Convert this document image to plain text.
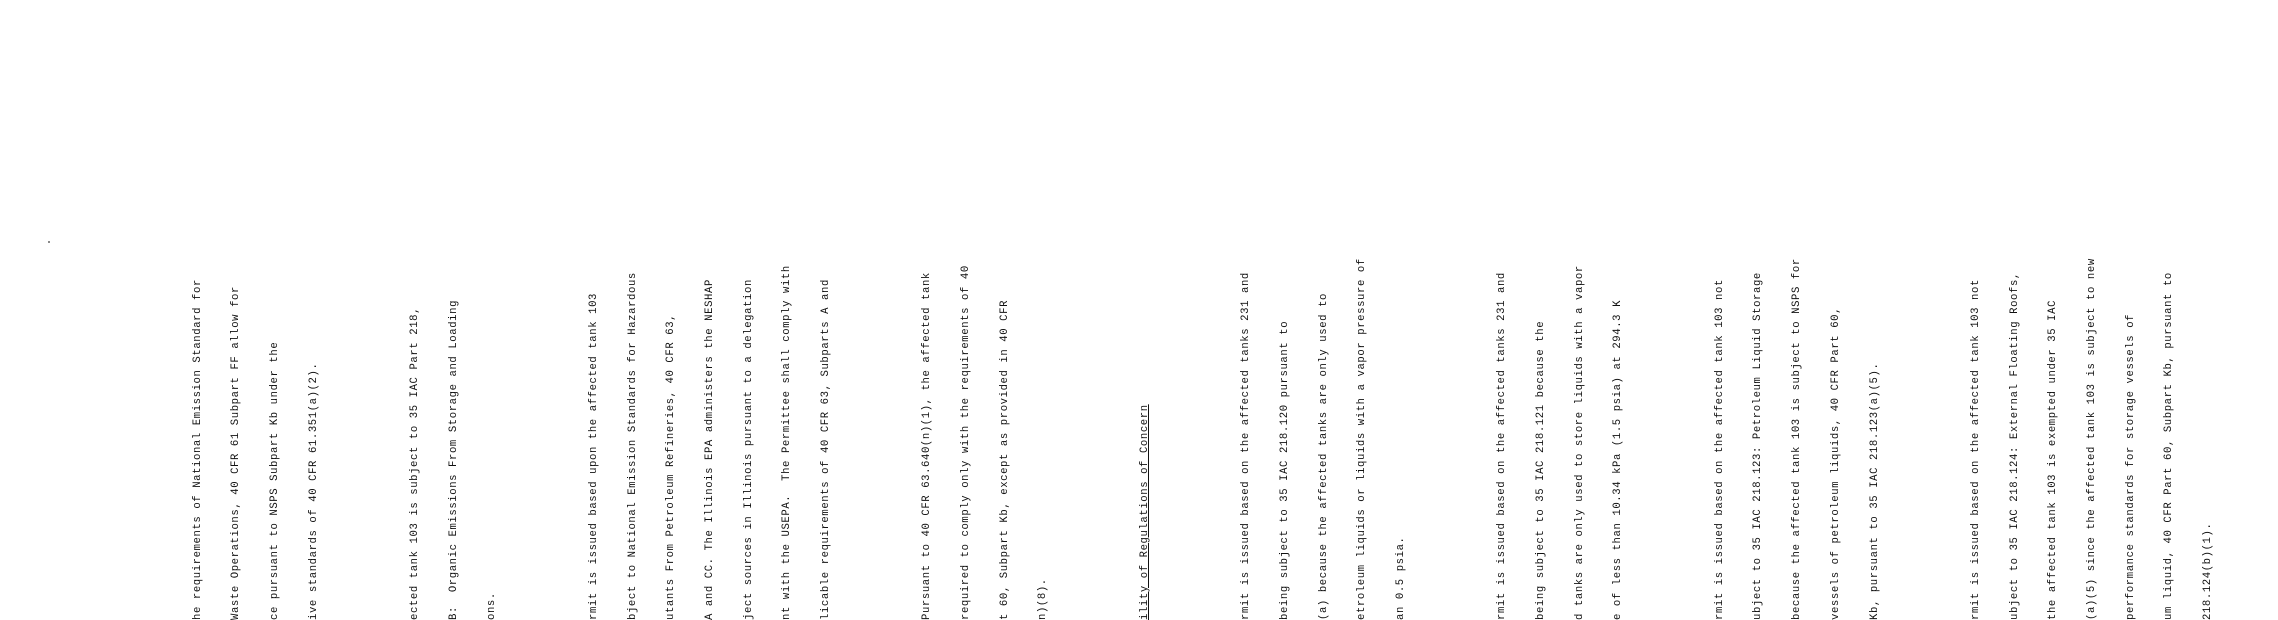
he requirements of National Emission Standard for

	Waste Operations, 40 CFR 61 Subpart FF allow for

	ce pursuant to NSPS Subpart Kb under the

	ive standards of 40 CFR 61.351(a)(2).

	ected tank 103 is subject to 35 IAC Part 218,

	B:  Organic Emissions From Storage and Loading

	ons.

	rmit is issued based upon the affected tank 103

	bject to National Emission Standards for Hazardous

	utants From Petroleum Refineries, 40 CFR 63,

	A and CC. The Illinois EPA administers the NESHAP

	ject sources in Illinois pursuant to a delegation

	nt with the USEPA.  The Permittee shall comply with

	licable requirements of 40 CFR 63, Subparts A and

	Pursuant to 40 CFR 63.640(n)(1), the affected tank

	required to comply only with the requirements of 40

	t 60, Subpart Kb, except as provided in 40 CFR

	n)(8).

	ility of Regulations of Concern

	rmit is issued based on the affected tanks 231 and

	being subject to 35 IAC 218.120 pursuant to

	(a) because the affected tanks are only used to

	etroleum liquids or liquids with a vapor pressure of

	an 0.5 psia.

	rmit is issued based on the affected tanks 231 and

	being subject to 35 IAC 218.121 because the

	d tanks are only used to store liquids with a vapor

	e of less than 10.34 kPa (1.5 psia) at 294.3 K

	rmit is issued based on the affected tank 103 not

	ubject to 35 IAC 218.123: Petroleum Liquid Storage

	because the affected tank 103 is subject to NSPS for

	vessels of petroleum liquids, 40 CFR Part 60,

	Kb, pursuant to 35 IAC 218.123(a)(5).

	rmit is issued based on the affected tank 103 not

	ubject to 35 IAC 218.124: External Floating Roofs,

	the affected tank 103 is exempted under 35 IAC

	(a)(5) since the affected tank 103 is subject to new

	performance standards for storage vessels of

	um liquid, 40 CFR Part 60, Subpart Kb, pursuant to

	218.124(b)(1).
